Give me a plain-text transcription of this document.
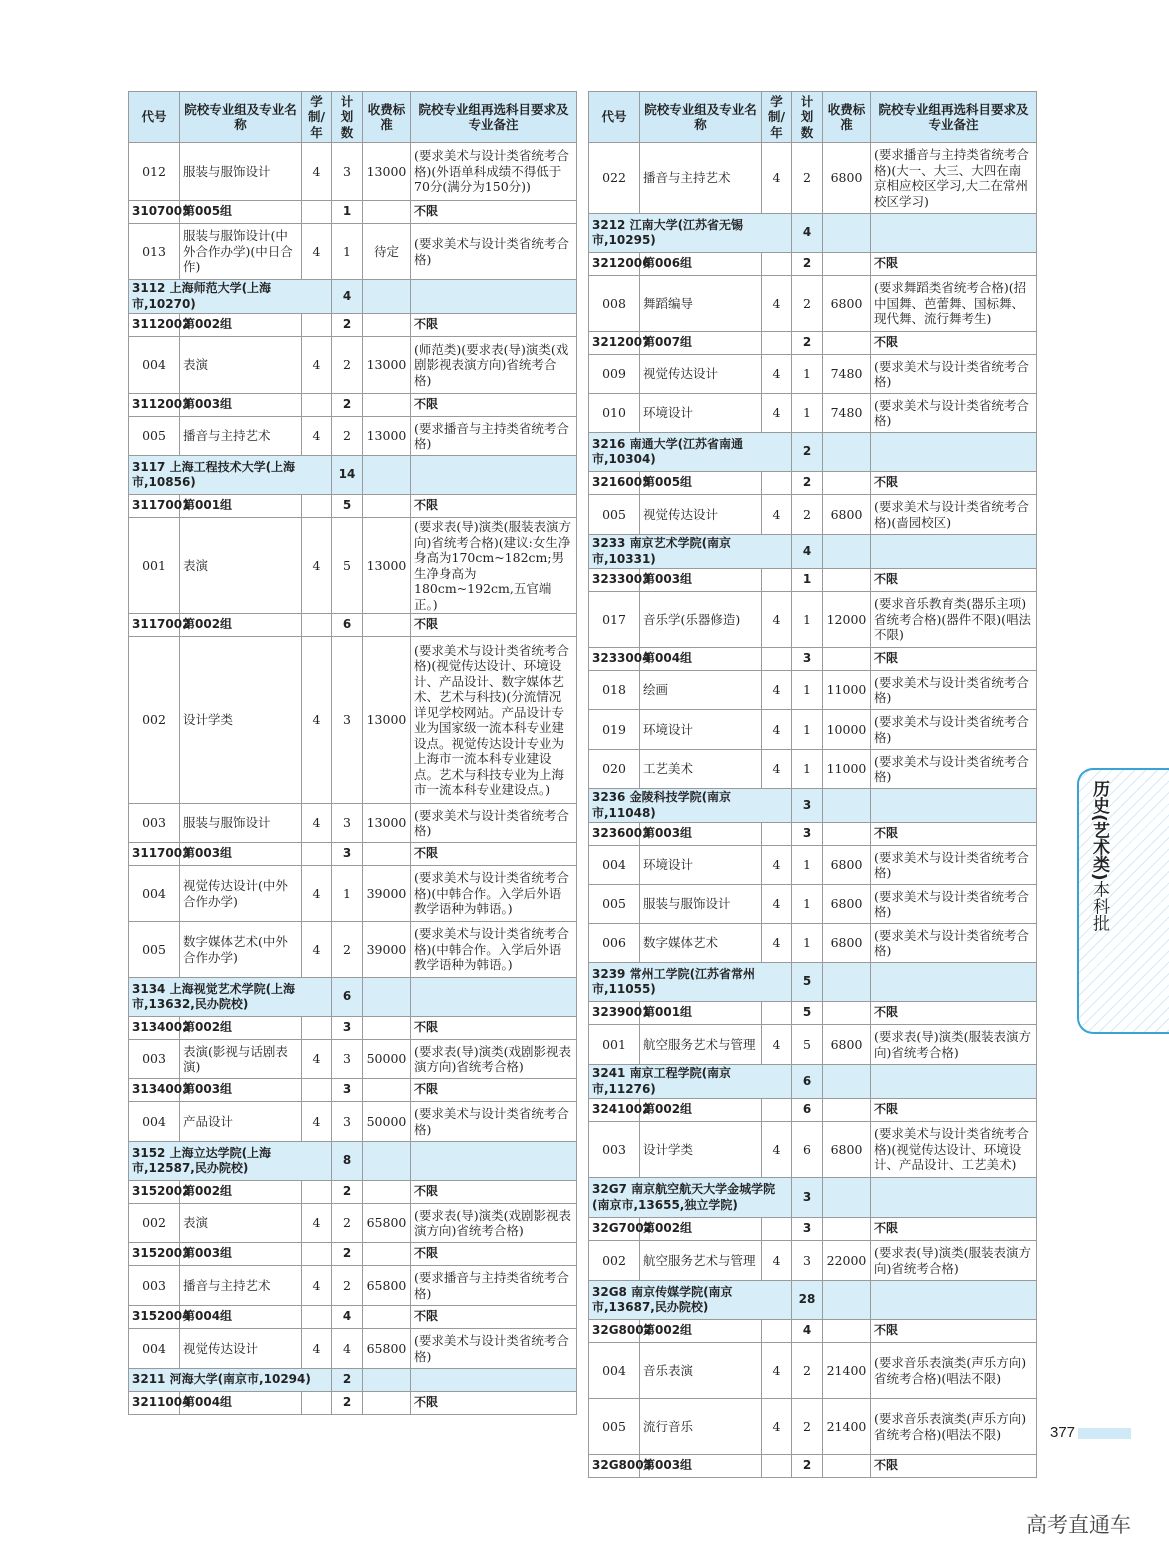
代号	院校专业组及专业名称	学制/年	计划数	收费标准	院校专业组再选科目要求及专业备注
012	服装与服饰设计	4	3	13000	(要求美术与设计类省统考合格)(外语单科成绩不得低于70分(满分为150分))
3107005	第005组		1		不限
013	服装与服饰设计(中外合作办学)(中日合作)	4	1	待定	(要求美术与设计类省统考合格)
3112 上海师范大学(上海市,10270)			4		
3112002	第002组		2		不限
004	表演	4	2	13000	(师范类)(要求表(导)演类(戏剧影视表演方向)省统考合格)
3112003	第003组		2		不限
005	播音与主持艺术	4	2	13000	(要求播音与主持类省统考合格)
3117 上海工程技术大学(上海市,10856)			14		
3117001	第001组		5		不限
001	表演	4	5	13000	(要求表(导)演类(服装表演方向)省统考合格)(建议:女生净身高为170cm~182cm;男生净身高为180cm~192cm,五官端正。)
3117002	第002组		6		不限
002	设计学类	4	3	13000	(要求美术与设计类省统考合格)(视觉传达设计、环境设计、产品设计、数字媒体艺术、艺术与科技)(分流情况详见学校网站。产品设计专业为国家级一流本科专业建设点。视觉传达设计专业为上海市一流本科专业建设点。艺术与科技专业为上海市一流本科专业建设点。)
003	服装与服饰设计	4	3	13000	(要求美术与设计类省统考合格)
3117003	第003组		3		不限
004	视觉传达设计(中外合作办学)	4	1	39000	(要求美术与设计类省统考合格)(中韩合作。入学后外语教学语种为韩语。)
005	数字媒体艺术(中外合作办学)	4	2	39000	(要求美术与设计类省统考合格)(中韩合作。入学后外语教学语种为韩语。)
3134 上海视觉艺术学院(上海市,13632,民办院校)			6		
3134002	第002组		3		不限
003	表演(影视与话剧表演)	4	3	50000	(要求表(导)演类(戏剧影视表演方向)省统考合格)
3134003	第003组		3		不限
004	产品设计	4	3	50000	(要求美术与设计类省统考合格)
3152 上海立达学院(上海市,12587,民办院校)			8		
3152002	第002组		2		不限
002	表演	4	2	65800	(要求表(导)演类(戏剧影视表演方向)省统考合格)
3152003	第003组		2		不限
003	播音与主持艺术	4	2	65800	(要求播音与主持类省统考合格)
3152004	第004组		4		不限
004	视觉传达设计	4	4	65800	(要求美术与设计类省统考合格)
3211 河海大学(南京市,10294)			2		
3211004	第004组		2		不限
代号	院校专业组及专业名称	学制/年	计划数	收费标准	院校专业组再选科目要求及专业备注
022	播音与主持艺术	4	2	6800	(要求播音与主持类省统考合格)(大一、大三、大四在南京相应校区学习,大二在常州校区学习)
3212 江南大学(江苏省无锡市,10295)			4		
3212006	第006组		2		不限
008	舞蹈编导	4	2	6800	(要求舞蹈类省统考合格)(招中国舞、芭蕾舞、国标舞、现代舞、流行舞考生)
3212007	第007组		2		不限
009	视觉传达设计	4	1	7480	(要求美术与设计类省统考合格)
010	环境设计	4	1	7480	(要求美术与设计类省统考合格)
3216 南通大学(江苏省南通市,10304)			2		
3216005	第005组		2		不限
005	视觉传达设计	4	2	6800	(要求美术与设计类省统考合格)(啬园校区)
3233 南京艺术学院(南京市,10331)			4		
3233003	第003组		1		不限
017	音乐学(乐器修造)	4	1	12000	(要求音乐教育类(器乐主项)省统考合格)(器件不限)(唱法不限)
3233004	第004组		3		不限
018	绘画	4	1	11000	(要求美术与设计类省统考合格)
019	环境设计	4	1	10000	(要求美术与设计类省统考合格)
020	工艺美术	4	1	11000	(要求美术与设计类省统考合格)
3236 金陵科技学院(南京市,11048)			3		
3236003	第003组		3		不限
004	环境设计	4	1	6800	(要求美术与设计类省统考合格)
005	服装与服饰设计	4	1	6800	(要求美术与设计类省统考合格)
006	数字媒体艺术	4	1	6800	(要求美术与设计类省统考合格)
3239 常州工学院(江苏省常州市,11055)			5		
3239001	第001组		5		不限
001	航空服务艺术与管理	4	5	6800	(要求表(导)演类(服装表演方向)省统考合格)
3241 南京工程学院(南京市,11276)			6		
3241002	第002组		6		不限
003	设计学类	4	6	6800	(要求美术与设计类省统考合格)(视觉传达设计、环境设计、产品设计、工艺美术)
32G7 南京航空航天大学金城学院(南京市,13655,独立学院)			3		
32G7002	第002组		3		不限
002	航空服务艺术与管理	4	3	22000	(要求表(导)演类(服装表演方向)省统考合格)
32G8 南京传媒学院(南京市,13687,民办院校)			28		
32G8002	第002组		4		不限
004	音乐表演	4	2	21400	(要求音乐表演类(声乐方向)省统考合格)(唱法不限)
005	流行音乐	4	2	21400	(要求音乐表演类(声乐方向)省统考合格)(唱法不限)
32G8003	第003组		2		不限
历史(艺术类)本科批
377
高考直通车
